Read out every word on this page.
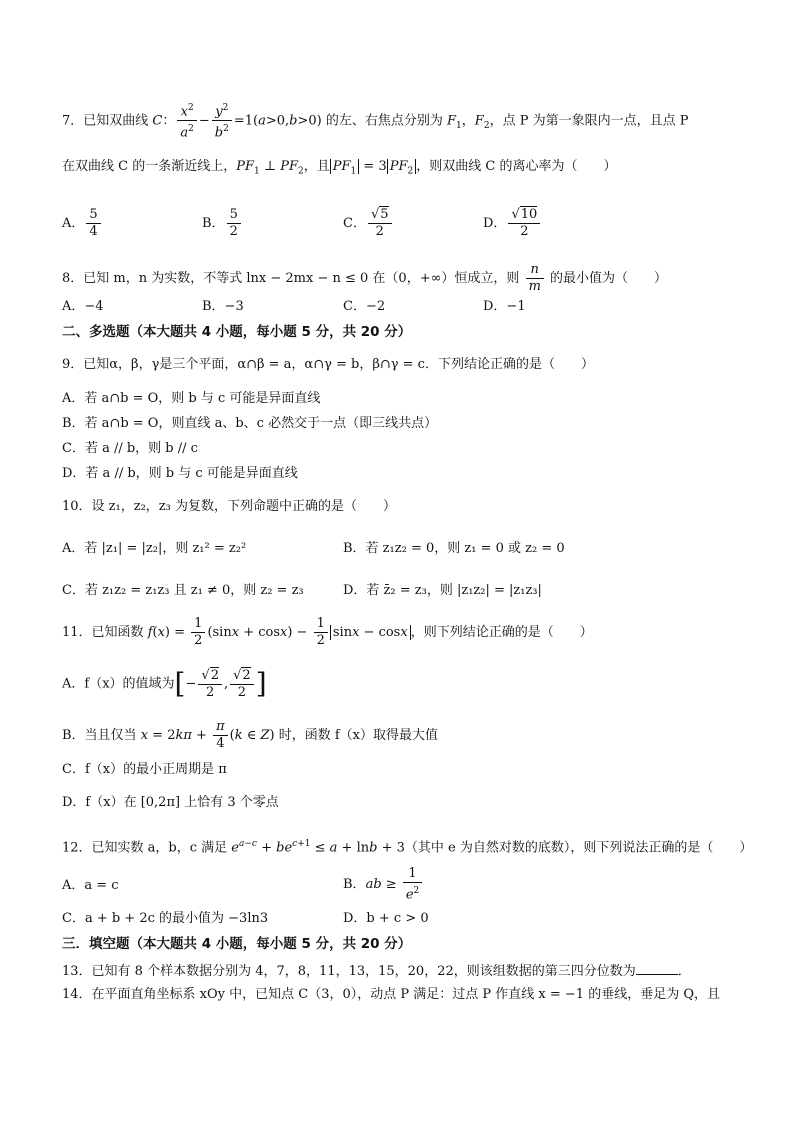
7．已知双曲线 C： $\frac{x^2}{a^2} - \frac{y^2}{b^2} =1(a>0,b>0)$ 的左、右焦点分别为 $F_1$，$F_2$，点 P 为第一象限内一点，且点 P
在双曲线 C 的一条渐近线上，$PF_1$ ⊥ $PF_2$，且 $PF_1 = 3$ $PF_2$ ，则双曲线 C 的离心率为（　　）
A． $\frac{5}{4}$	B． $\frac{5}{2}$	C． $\frac{√5}{2}$	D． $\frac{√10}{2}$
8．已知 m，n 为实数，不等式 lnx − 2mx − n ≤ 0 在（0，+∞）恒成立，则 $\frac{n}{m}$ 的最小值为（　　）
A．−4	B．−3	C．−2	D．−1
二、多选题（本大题共 4 小题，每小题 5 分，共 20 分）
9．已知α，β，γ是三个平面，α∩β = a，α∩γ = b，β∩γ = c．下列结论正确的是（　　）
A．若 a∩b = O，则 b 与 c 可能是异面直线
B．若 a∩b = O，则直线 a、b、c 必然交于一点（即三线共点）
C．若 a // b，则 b // c
D．若 a // b，则 b 与 c 可能是异面直线
10．设 z₁，z₂，z₃ 为复数，下列命题中正确的是（　　）
A．若 |z₁| = |z₂|，则 z₁² = z₂²	B．若 z₁z₂ = 0，则 z₁ = 0 或 z₂ = 0
C．若 z₁z₂ = z₁z₃ 且 z₁ ≠ 0，则 z₂ = z₃	D．若 z̄₂ = z₃，则 |z₁z₂| = |z₁z₃|
11．已知函数 $f(x) = \frac{1}{2} (\sin x + \cos x) - \frac{1}{2}$ sinx − cosx ，则下列结论正确的是（　　）
A．f（x）的值域为[− $\frac{√2}{2}$ , $\frac{√2}{2}$ ]
B．当且仅当 $x = 2k\pi + \frac{\pi}{4} (k$ ∈ Z) 时，函数 f（x）取得最大值
C．f（x）的最小正周期是 π
D．f（x）在 [0,2π] 上恰有 3 个零点
12．已知实数 a，b，c 满足 $e^{a-c} + be^{c+1} \le a + \ln b + 3$（其中 e 为自然对数的底数），则下列说法正确的是（　　）
A．a = c	B．ab ≥ $\frac{1}{e^2}$
C．a + b + 2c 的最小值为 −3ln3	D．b + c > 0
三．填空题（本大题共 4 小题，每小题 5 分，共 20 分）
13．已知有 8 个样本数据分别为 4，7，8，11，13，15，20，22，则该组数据的第三四分位数为	．
14．在平面直角坐标系 xOy 中，已知点 C（3，0），动点 P 满足：过点 P 作直线 x = −1 的垂线，垂足为 Q，且
